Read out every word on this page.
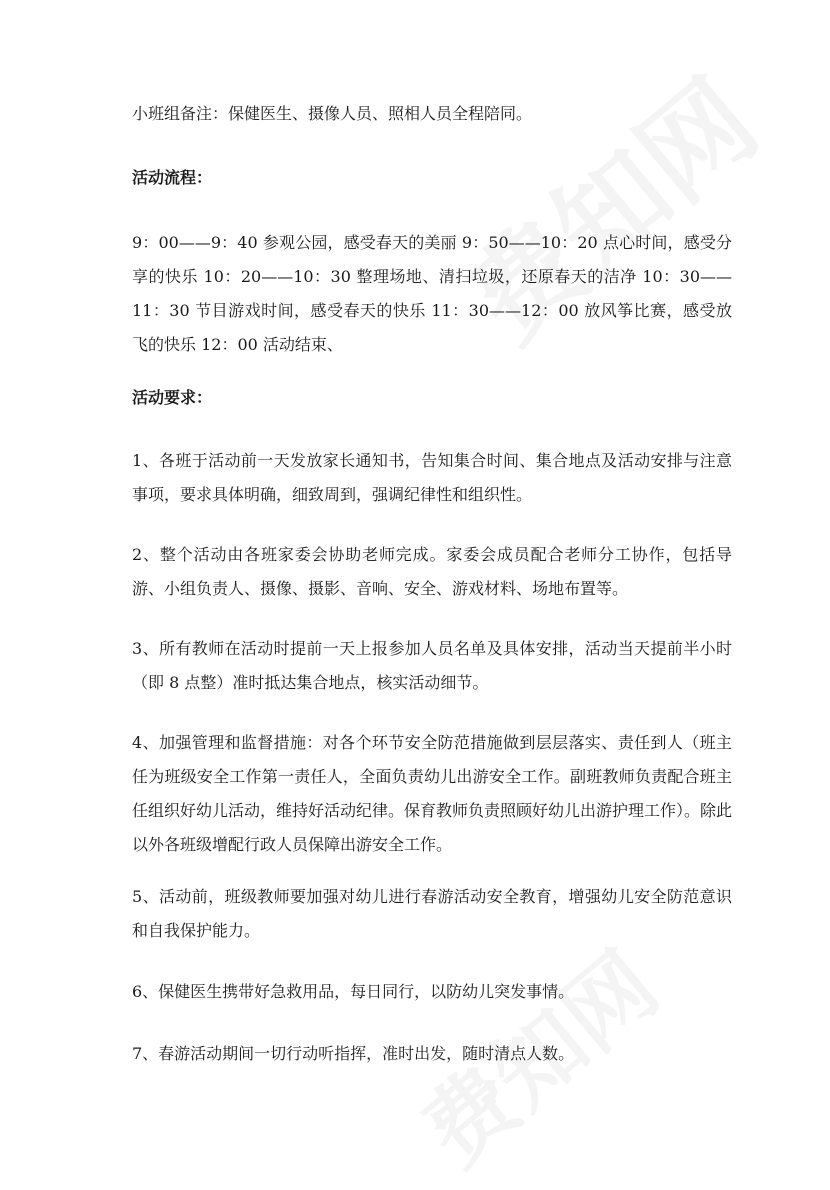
小班组备注：保健医生、摄像人员、照相人员全程陪同。

活动流程：

9：00——9：40 参观公园，感受春天的美丽 9：50——10：20 点心时间，感受分享的快乐 10：20——10：30 整理场地、清扫垃圾，还原春天的洁净 10：30——11：30 节目游戏时间，感受春天的快乐 11：30——12：00 放风筝比赛，感受放飞的快乐 12：00 活动结束、

活动要求：

1、各班于活动前一天发放家长通知书，告知集合时间、集合地点及活动安排与注意事项，要求具体明确，细致周到，强调纪律性和组织性。

2、整个活动由各班家委会协助老师完成。家委会成员配合老师分工协作，包括导游、小组负责人、摄像、摄影、音响、安全、游戏材料、场地布置等。

3、所有教师在活动时提前一天上报参加人员名单及具体安排，活动当天提前半小时（即 8 点整）准时抵达集合地点，核实活动细节。

4、加强管理和监督措施：对各个环节安全防范措施做到层层落实、责任到人（班主任为班级安全工作第一责任人，全面负责幼儿出游安全工作。副班教师负责配合班主任组织好幼儿活动，维持好活动纪律。保育教师负责照顾好幼儿出游护理工作）。除此以外各班级增配行政人员保障出游安全工作。

5、活动前，班级教师要加强对幼儿进行春游活动安全教育，增强幼儿安全防范意识和自我保护能力。

6、保健医生携带好急救用品，每日同行，以防幼儿突发事情。

7、春游活动期间一切行动听指挥，准时出发，随时清点人数。
